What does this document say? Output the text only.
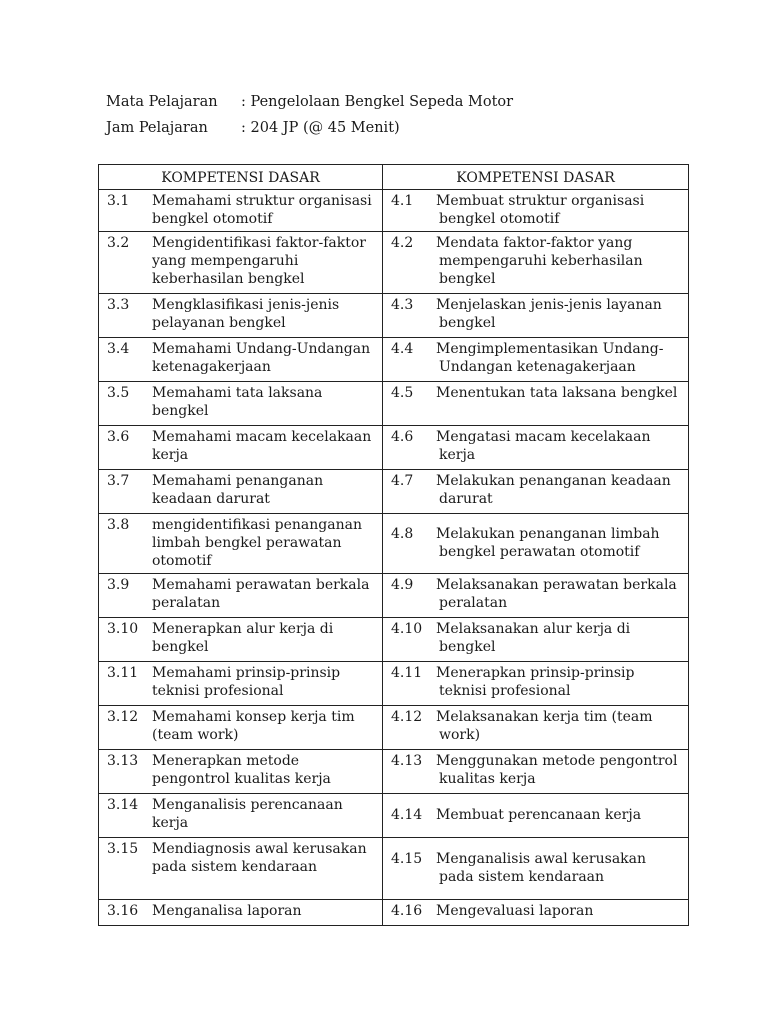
Mata Pelajaran : Pengelolaan Bengkel Sepeda Motor
Jam Pelajaran : 204 JP (@ 45 Menit)
KOMPETENSI DASAR	KOMPETENSI DASAR

3.1 Memahami struktur organisasi bengkel otomotif	4.1 Membuat struktur organisasi bengkel otomotif

3.2 Mengidentifikasi faktor-faktor yang mempengaruhi keberhasilan bengkel	4.2 Mendata faktor-faktor yang mempengaruhi keberhasilan bengkel

3.3 Mengklasifikasi jenis-jenis pelayanan bengkel	4.3 Menjelaskan jenis-jenis layanan bengkel

3.4 Memahami Undang-Undangan ketenagakerjaan	4.4 Mengimplementasikan Undang-Undangan ketenagakerjaan

3.5 Memahami tata laksana bengkel	4.5 Menentukan tata laksana bengkel

3.6 Memahami macam kecelakaan kerja	4.6 Mengatasi macam kecelakaan kerja

3.7 Memahami penanganan keadaan darurat	4.7 Melakukan penanganan keadaan darurat

3.8 mengidentifikasi penanganan limbah bengkel perawatan otomotif	4.8 Melakukan penanganan limbah bengkel perawatan otomotif

3.9 Memahami perawatan berkala peralatan	4.9 Melaksanakan perawatan berkala peralatan

3.10 Menerapkan alur kerja di bengkel	4.10 Melaksanakan alur kerja di bengkel

3.11 Memahami prinsip-prinsip teknisi profesional	4.11 Menerapkan prinsip-prinsip teknisi profesional

3.12 Memahami konsep kerja tim (team work)	4.12 Melaksanakan kerja tim (team work)

3.13 Menerapkan metode pengontrol kualitas kerja	4.13 Menggunakan metode pengontrol kualitas kerja

3.14 Menganalisis perencanaan kerja	4.14 Membuat perencanaan kerja

3.15 Mendiagnosis awal kerusakan pada sistem kendaraan	4.15 Menganalisis awal kerusakan pada sistem kendaraan

3.16 Menganalisa laporan	4.16 Mengevaluasi laporan
